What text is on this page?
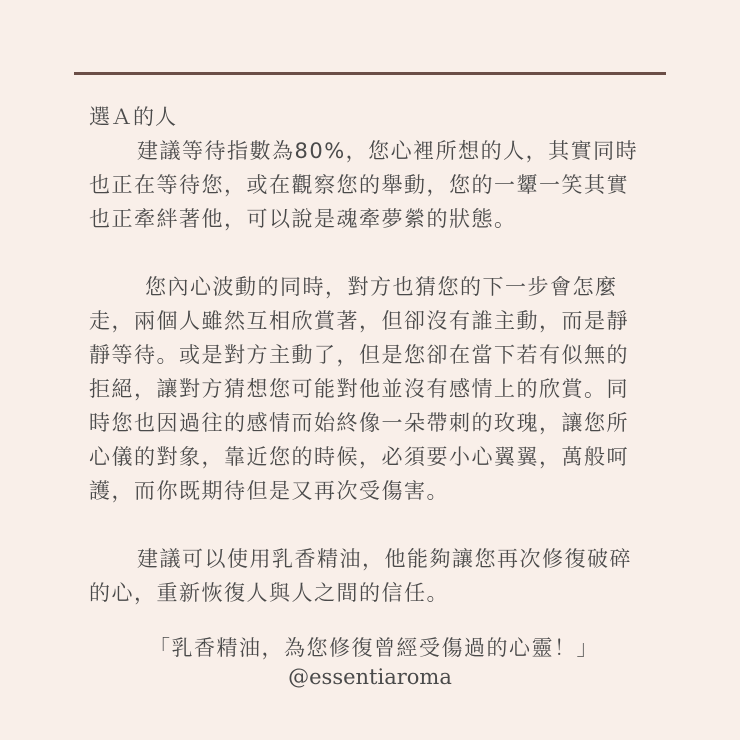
選Ａ的人

建議等待指數為80%，您心裡所想的人，其實同時
也正在等待您，或在觀察您的舉動，您的一顰一笑其實
也正牽絆著他，可以說是魂牽夢縈的狀態。

您內心波動的同時，對方也猜您的下一步會怎麼
走，兩個人雖然互相欣賞著，但卻沒有誰主動，而是靜
靜等待。或是對方主動了，但是您卻在當下若有似無的
拒絕，讓對方猜想您可能對他並沒有感情上的欣賞。同
時您也因過往的感情而始終像一朵帶刺的玫瑰，讓您所
心儀的對象，靠近您的時候，必須要小心翼翼，萬般呵
護，而你既期待但是又再次受傷害。

建議可以使用乳香精油，他能夠讓您再次修復破碎
的心，重新恢復人與人之間的信任。

「乳香精油，為您修復曾經受傷過的心靈！」
@essentiaroma
